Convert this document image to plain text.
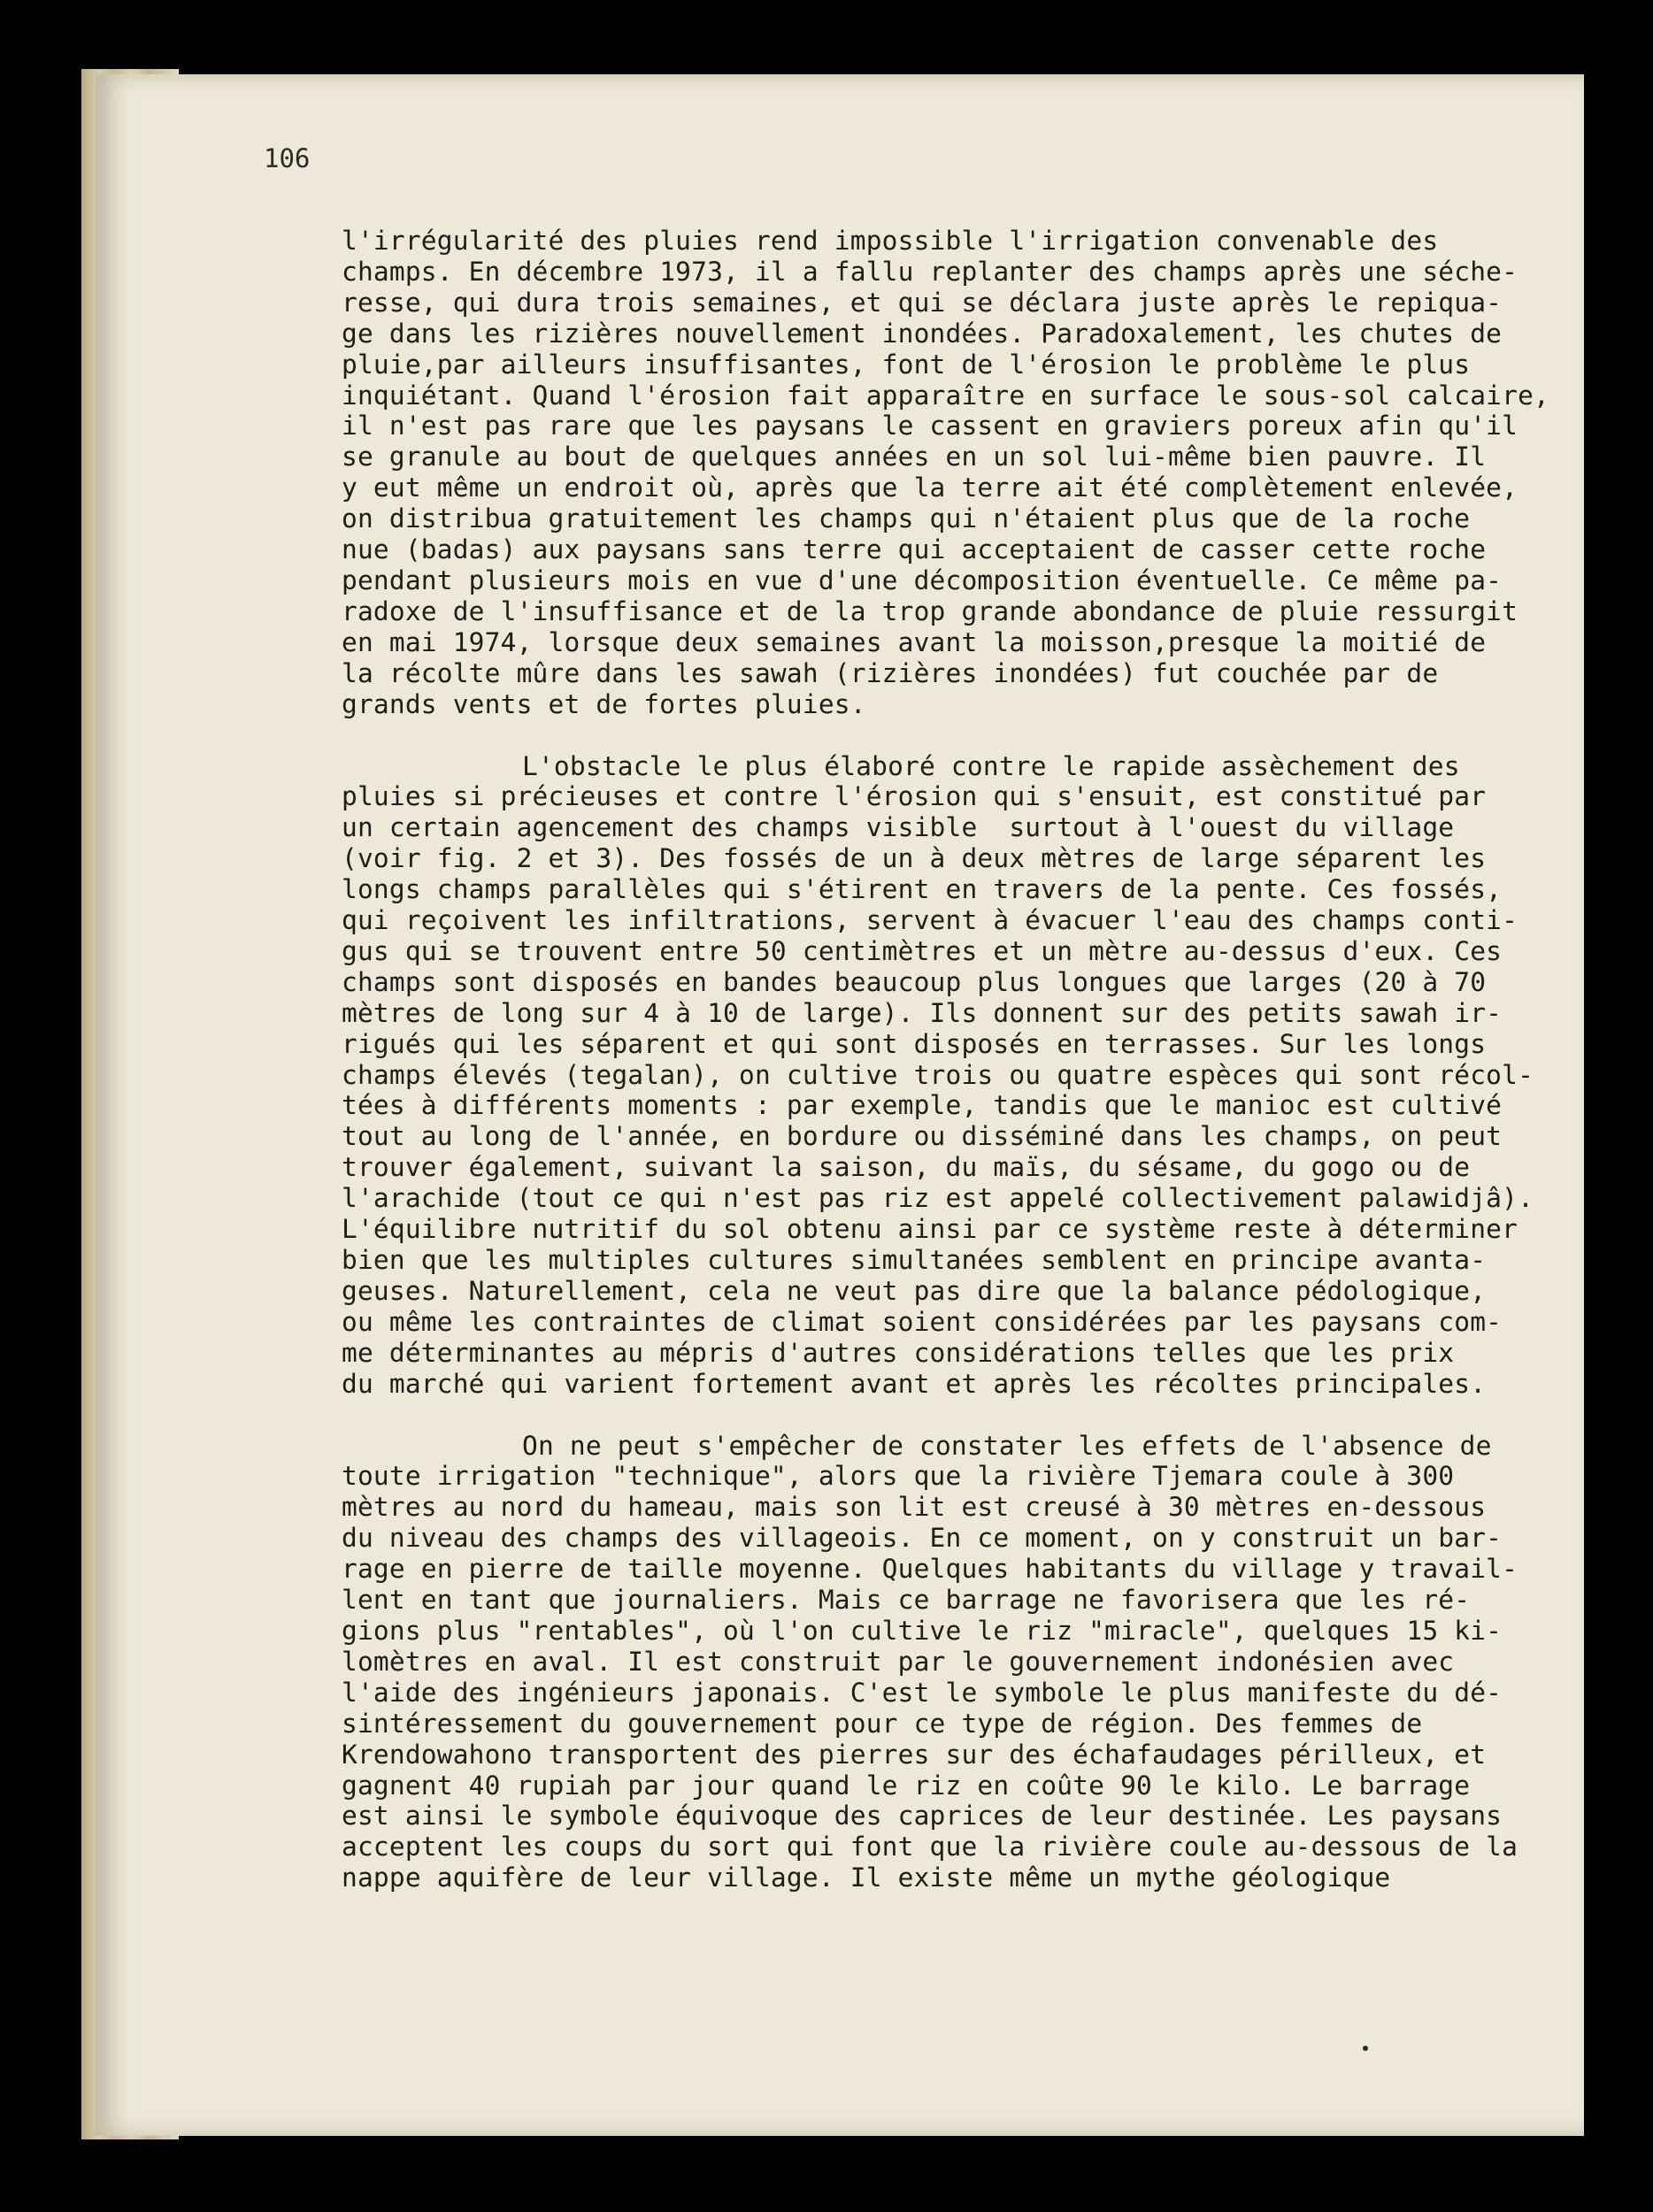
106

l'irrégularité des pluies rend impossible l'irrigation convenable des
champs. En décembre 1973, il a fallu replanter des champs après une séche-
resse, qui dura trois semaines, et qui se déclara juste après le repiqua-
ge dans les rizières nouvellement inondées. Paradoxalement, les chutes de
pluie,par ailleurs insuffisantes, font de l'érosion le problème le plus
inquiétant. Quand l'érosion fait apparaître en surface le sous-sol calcaire,
il n'est pas rare que les paysans le cassent en graviers poreux afin qu'il
se granule au bout de quelques années en un sol lui-même bien pauvre. Il
y eut même un endroit où, après que la terre ait été complètement enlevée,
on distribua gratuitement les champs qui n'étaient plus que de la roche
nue (badas) aux paysans sans terre qui acceptaient de casser cette roche
pendant plusieurs mois en vue d'une décomposition éventuelle. Ce même pa-
radoxe de l'insuffisance et de la trop grande abondance de pluie ressurgit
en mai 1974, lorsque deux semaines avant la moisson,presque la moitié de
la récolte mûre dans les sawah (rizières inondées) fut couchée par de
grands vents et de fortes pluies.

L'obstacle le plus élaboré contre le rapide assèchement des
pluies si précieuses et contre l'érosion qui s'ensuit, est constitué par
un certain agencement des champs visible  surtout à l'ouest du village
(voir fig. 2 et 3). Des fossés de un à deux mètres de large séparent les
longs champs parallèles qui s'étirent en travers de la pente. Ces fossés,
qui reçoivent les infiltrations, servent à évacuer l'eau des champs conti-
gus qui se trouvent entre 50 centimètres et un mètre au-dessus d'eux. Ces
champs sont disposés en bandes beaucoup plus longues que larges (20 à 70
mètres de long sur 4 à 10 de large). Ils donnent sur des petits sawah ir-
rigués qui les séparent et qui sont disposés en terrasses. Sur les longs
champs élevés (tegalan), on cultive trois ou quatre espèces qui sont récol-
tées à différents moments : par exemple, tandis que le manioc est cultivé
tout au long de l'année, en bordure ou disséminé dans les champs, on peut
trouver également, suivant la saison, du maïs, du sésame, du gogo ou de
l'arachide (tout ce qui n'est pas riz est appelé collectivement palawidjâ).
L'équilibre nutritif du sol obtenu ainsi par ce système reste à déterminer
bien que les multiples cultures simultanées semblent en principe avanta-
geuses. Naturellement, cela ne veut pas dire que la balance pédologique,
ou même les contraintes de climat soient considérées par les paysans com-
me déterminantes au mépris d'autres considérations telles que les prix
du marché qui varient fortement avant et après les récoltes principales.

On ne peut s'empêcher de constater les effets de l'absence de
toute irrigation "technique", alors que la rivière Tjemara coule à 300
mètres au nord du hameau, mais son lit est creusé à 30 mètres en-dessous
du niveau des champs des villageois. En ce moment, on y construit un bar-
rage en pierre de taille moyenne. Quelques habitants du village y travail-
lent en tant que journaliers. Mais ce barrage ne favorisera que les ré-
gions plus "rentables", où l'on cultive le riz "miracle", quelques 15 ki-
lomètres en aval. Il est construit par le gouvernement indonésien avec
l'aide des ingénieurs japonais. C'est le symbole le plus manifeste du dé-
sintéressement du gouvernement pour ce type de région. Des femmes de
Krendowahono transportent des pierres sur des échafaudages périlleux, et
gagnent 40 rupiah par jour quand le riz en coûte 90 le kilo. Le barrage
est ainsi le symbole équivoque des caprices de leur destinée. Les paysans
acceptent les coups du sort qui font que la rivière coule au-dessous de la
nappe aquifère de leur village. Il existe même un mythe géologique
